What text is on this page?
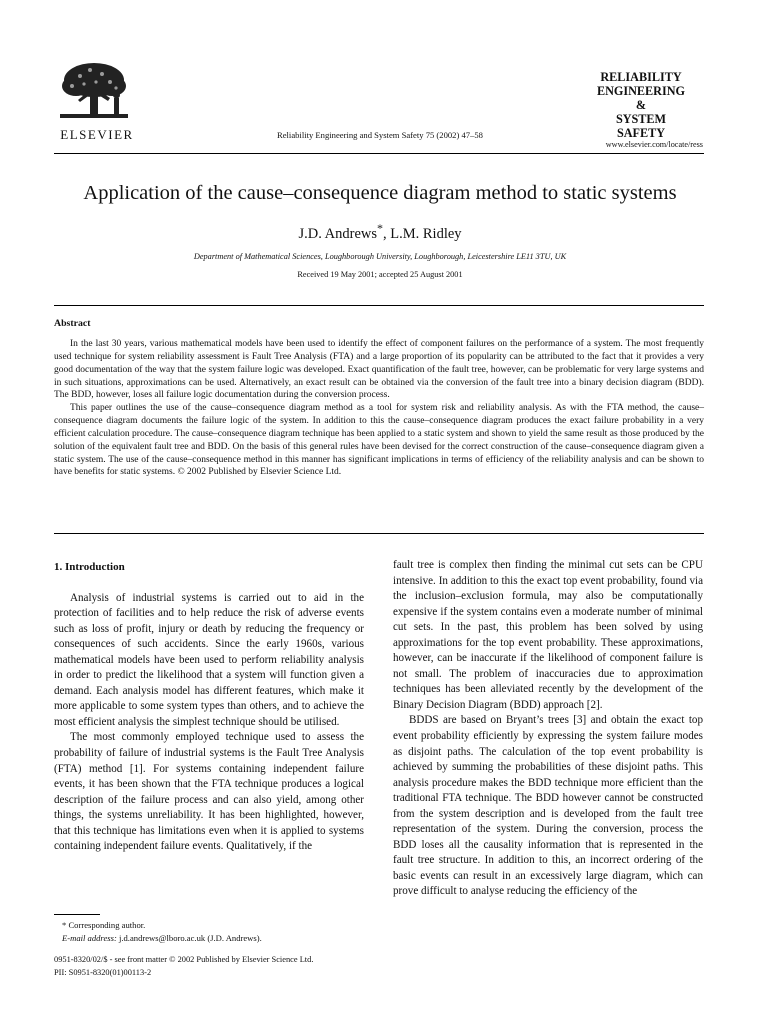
ELSEVIER	Reliability Engineering and System Safety 75 (2002) 47–58
RELIABILITY
ENGINEERING
&
SYSTEM
SAFETY
www.elsevier.com/locate/ress
Application of the cause–consequence diagram method to static systems
J.D. Andrews*, L.M. Ridley
Department of Mathematical Sciences, Loughborough University, Loughborough, Leicestershire LE11 3TU, UK
Received 19 May 2001; accepted 25 August 2001
Abstract

In the last 30 years, various mathematical models have been used to identify the effect of component failures on the performance of a system. The most frequently used technique for system reliability assessment is Fault Tree Analysis (FTA) and a large proportion of its popularity can be attributed to the fact that it provides a very good documentation of the way that the system failure logic was developed. Exact quantification of the fault tree, however, can be problematic for very large systems and in such situations, approximations can be used. Alternatively, an exact result can be obtained via the conversion of the fault tree into a binary decision diagram (BDD). The BDD, however, loses all failure logic documentation during the conversion process.

This paper outlines the use of the cause–consequence diagram method as a tool for system risk and reliability analysis. As with the FTA method, the cause–consequence diagram documents the failure logic of the system. In addition to this the cause–consequence diagram produces the exact failure probability in a very efficient calculation procedure. The cause–consequence diagram technique has been applied to a static system and shown to yield the same result as those produced by the solution of the equivalent fault tree and BDD. On the basis of this general rules have been devised for the correct construction of the cause–consequence diagram given a static system. The use of the cause–consequence method in this manner has significant implications in terms of efficiency of the reliability analysis and can be shown to have benefits for static systems. © 2002 Published by Elsevier Science Ltd.

1. Introduction

Analysis of industrial systems is carried out to aid in the protection of facilities and to help reduce the risk of adverse events such as loss of profit, injury or death by reducing the frequency or consequences of such accidents. Since the early 1960s, various mathematical models have been used to perform reliability analysis in order to predict the likelihood that a system will function given a demand. Each analysis model has different features, which make it more applicable to some system types than others, and to achieve the most efficient analysis the simplest technique should be utilised.

The most commonly employed technique used to assess the probability of failure of industrial systems is the Fault Tree Analysis (FTA) method [1]. For systems containing independent failure events, it has been shown that the FTA technique produces a logical description of the failure process and can also yield, among other things, the systems unreliability. It has been highlighted, however, that this technique has limitations even when it is applied to systems containing independent failure events. Qualitatively, if the

fault tree is complex then finding the minimal cut sets can be CPU intensive. In addition to this the exact top event probability, found via the inclusion–exclusion formula, may also be computationally expensive if the system contains even a moderate number of minimal cut sets. In the past, this problem has been solved by using approximations for the top event probability. These approximations, however, can be inaccurate if the likelihood of component failure is not small. The problem of inaccuracies due to approximation techniques has been alleviated recently by the development of the Binary Decision Diagram (BDD) approach [2].

BDDS are based on Bryant’s trees [3] and obtain the exact top event probability efficiently by expressing the system failure modes as disjoint paths. The calculation of the top event probability is achieved by summing the probabilities of these disjoint paths. This analysis procedure makes the BDD technique more efficient than the traditional FTA technique. The BDD however cannot be constructed from the system description and is developed from the fault tree representation of the system. During the conversion, process the BDD loses all the causality information that is represented in the fault tree structure. In addition to this, an incorrect ordering of the basic events can result in an excessively large diagram, which can prove difficult to analyse reducing the efficiency of the

* Corresponding author.
E-mail address: j.d.andrews@lboro.ac.uk (J.D. Andrews).
0951-8320/02/$ - see front matter © 2002 Published by Elsevier Science Ltd.
PII: S0951-8320(01)00113-2
